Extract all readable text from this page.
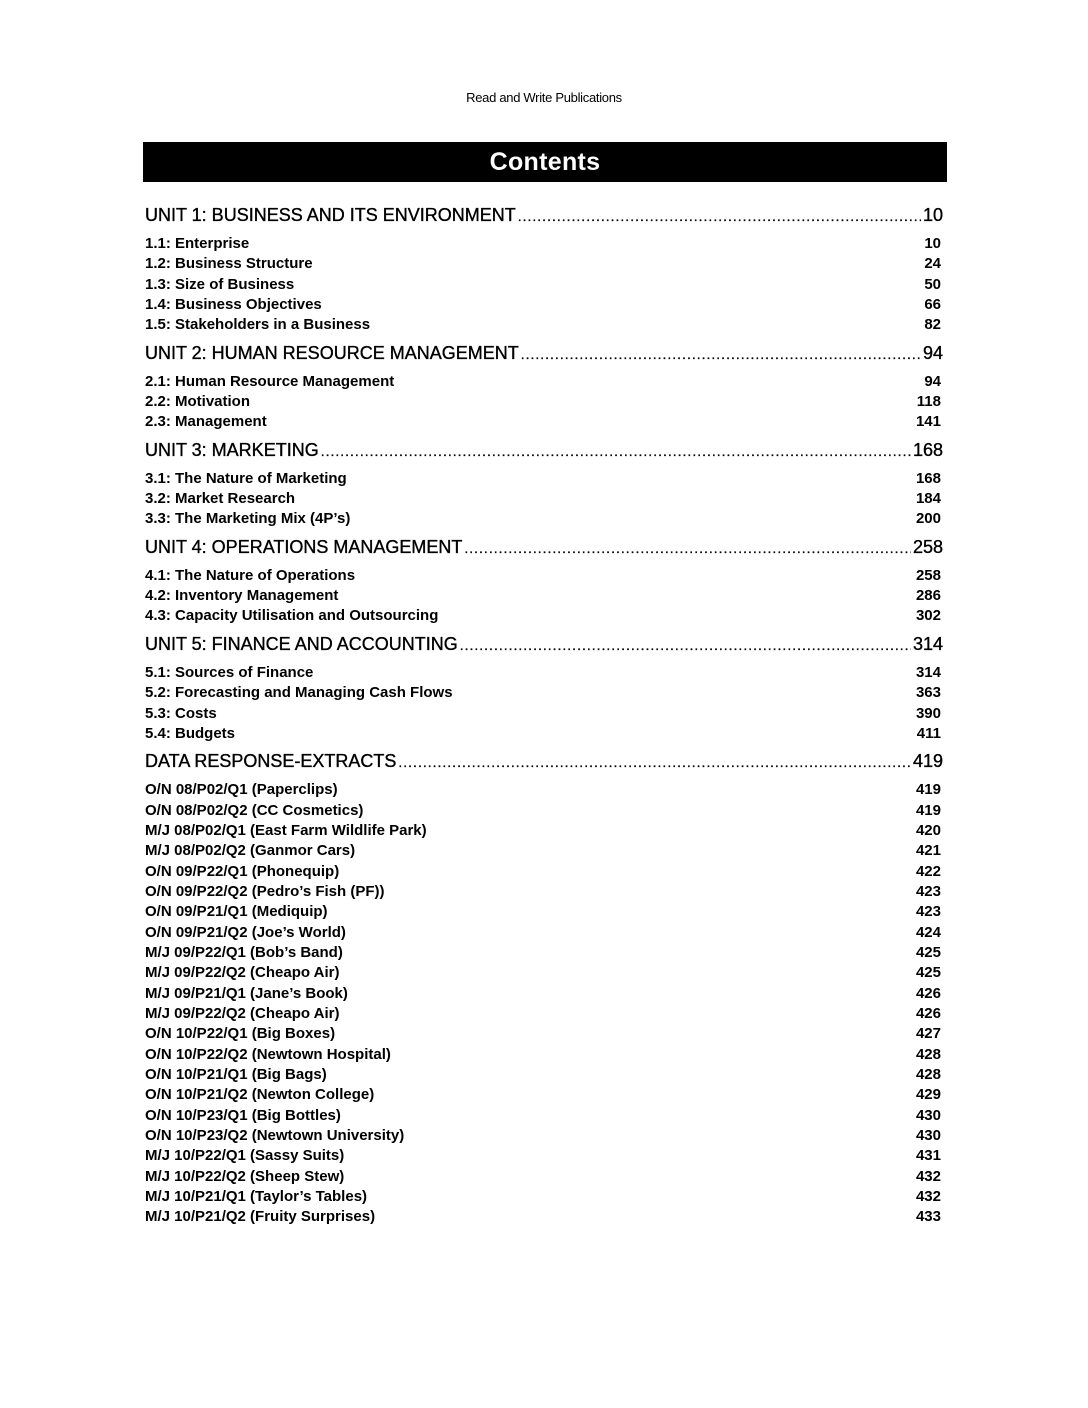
Read and Write Publications
Contents
UNIT 1: BUSINESS AND ITS ENVIRONMENT .....	10
1.1: Enterprise	10
1.2: Business Structure	24
1.3: Size of Business	50
1.4: Business Objectives	66
1.5: Stakeholders in a Business	82
UNIT 2: HUMAN RESOURCE MANAGEMENT .....	94
2.1: Human Resource Management	94
2.2: Motivation	118
2.3: Management	141
UNIT 3: MARKETING .....	168
3.1: The Nature of Marketing	168
3.2: Market Research	184
3.3: The Marketing Mix (4P’s)	200
UNIT 4: OPERATIONS MANAGEMENT .....	258
4.1: The Nature of Operations	258
4.2: Inventory Management	286
4.3: Capacity Utilisation and Outsourcing	302
UNIT 5: FINANCE AND ACCOUNTING .....	314
5.1: Sources of Finance	314
5.2: Forecasting and Managing Cash Flows	363
5.3: Costs	390
5.4: Budgets	411
DATA RESPONSE-EXTRACTS .....	419
O/N 08/P02/Q1 (Paperclips)	419
O/N 08/P02/Q2 (CC Cosmetics)	419
M/J 08/P02/Q1 (East Farm Wildlife Park)	420
M/J 08/P02/Q2 (Ganmor Cars)	421
O/N 09/P22/Q1 (Phonequip)	422
O/N 09/P22/Q2 (Pedro’s Fish (PF))	423
O/N 09/P21/Q1 (Mediquip)	423
O/N 09/P21/Q2 (Joe’s World)	424
M/J 09/P22/Q1 (Bob’s Band)	425
M/J 09/P22/Q2 (Cheapo Air)	425
M/J 09/P21/Q1 (Jane’s Book)	426
M/J 09/P22/Q2 (Cheapo Air)	426
O/N 10/P22/Q1 (Big Boxes)	427
O/N 10/P22/Q2 (Newtown Hospital)	428
O/N 10/P21/Q1 (Big Bags)	428
O/N 10/P21/Q2 (Newton College)	429
O/N 10/P23/Q1 (Big Bottles)	430
O/N 10/P23/Q2 (Newtown University)	430
M/J 10/P22/Q1 (Sassy Suits)	431
M/J 10/P22/Q2 (Sheep Stew)	432
M/J 10/P21/Q1 (Taylor’s Tables)	432
M/J 10/P21/Q2 (Fruity Surprises)	433
